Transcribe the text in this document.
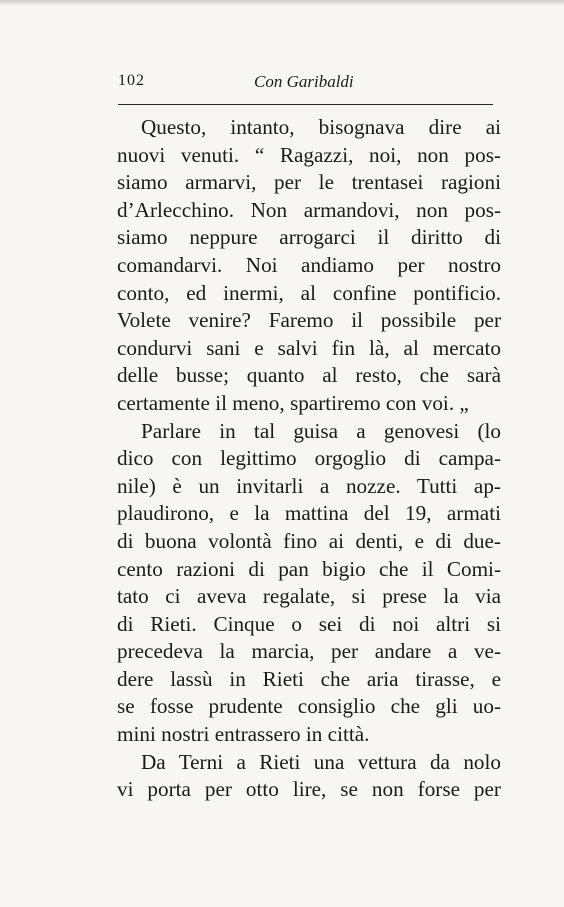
102	Con Garibaldi
Questo, intanto, bisognava dire ai
nuovi venuti. “ Ragazzi, noi, non pos-
siamo armarvi, per le trentasei ragioni
d’Arlecchino. Non armandovi, non pos-
siamo neppure arrogarci il diritto di
comandarvi. Noi andiamo per nostro
conto, ed inermi, al confine pontificio.
Volete venire? Faremo il possibile per
condurvi sani e salvi fin là, al mercato
delle busse; quanto al resto, che sarà
certamente il meno, spartiremo con voi. „
Parlare in tal guisa a genovesi (lo
dico con legittimo orgoglio di campa-
nile) è un invitarli a nozze. Tutti ap-
plaudirono, e la mattina del 19, armati
di buona volontà fino ai denti, e di due-
cento razioni di pan bigio che il Comi-
tato ci aveva regalate, si prese la via
di Rieti. Cinque o sei di noi altri si
precedeva la marcia, per andare a ve-
dere lassù in Rieti che aria tirasse, e
se fosse prudente consiglio che gli uo-
mini nostri entrassero in città.
Da Terni a Rieti una vettura da nolo
vi porta per otto lire, se non forse per
